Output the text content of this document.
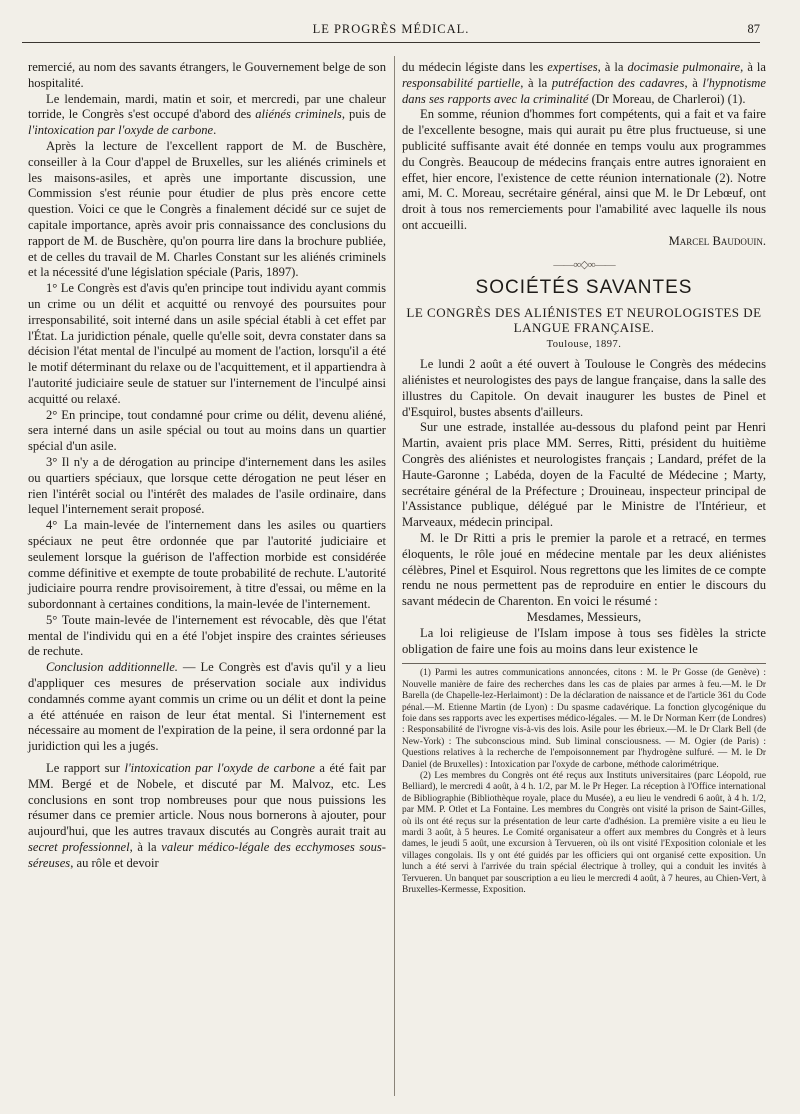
LE PROGRÈS MÉDICAL.	87

remercié, au nom des savants étrangers, le Gouvernement belge de son hospitalité.

Le lendemain, mardi, matin et soir, et mercredi, par une chaleur torride, le Congrès s'est occupé d'abord des aliénés criminels, puis de l'intoxication par l'oxyde de carbone.

Après la lecture de l'excellent rapport de M. de Buschère, conseiller à la Cour d'appel de Bruxelles, sur les aliénés criminels et les maisons-asiles, et après une importante discussion, une Commission s'est réunie pour étudier de plus près encore cette question. Voici ce que le Congrès a finalement décidé sur ce sujet de capitale importance, après avoir pris connaissance des conclusions du rapport de M. de Buschère, qu'on pourra lire dans la brochure publiée, et de celles du travail de M. Charles Constant sur les aliénés criminels et la nécessité d'une législation spéciale (Paris, 1897).

1° Le Congrès est d'avis qu'en principe tout individu ayant commis un crime ou un délit et acquitté ou renvoyé des poursuites pour irresponsabilité, soit interné dans un asile spécial établi à cet effet par l'État. La juridiction pénale, quelle qu'elle soit, devra constater dans sa décision l'état mental de l'inculpé au moment de l'action, lorsqu'il a été le motif déterminant du relaxe ou de l'acquittement, et il appartiendra à l'autorité judiciaire seule de statuer sur l'internement de l'inculpé ainsi acquitté ou relaxé.

2° En principe, tout condamné pour crime ou délit, devenu aliéné, sera interné dans un asile spécial ou tout au moins dans un quartier spécial d'un asile.

3° Il n'y a de dérogation au principe d'internement dans les asiles ou quartiers spéciaux, que lorsque cette dérogation ne peut léser en rien l'intérêt social ou l'intérêt des malades de l'asile ordinaire, dans lequel l'internement serait proposé.

4° La main-levée de l'internement dans les asiles ou quartiers spéciaux ne peut être ordonnée que par l'autorité judiciaire et seulement lorsque la guérison de l'affection morbide est considérée comme définitive et exempte de toute probabilité de rechute. L'autorité judiciaire pourra rendre provisoirement, à titre d'essai, ou même en la subordonnant à certaines conditions, la main-levée de l'internement.

5° Toute main-levée de l'internement est révocable, dès que l'état mental de l'individu qui en a été l'objet inspire des craintes sérieuses de rechute.

Conclusion additionnelle. — Le Congrès est d'avis qu'il y a lieu d'appliquer ces mesures de préservation sociale aux individus condamnés comme ayant commis un crime ou un délit et dont la peine a été atténuée en raison de leur état mental. Si l'internement est nécessaire au moment de l'expiration de la peine, il sera ordonné par la juridiction qui les a jugés.

Le rapport sur l'intoxication par l'oxyde de carbone a été fait par MM. Bergé et de Nobele, et discuté par M. Malvoz, etc. Les conclusions en sont trop nombreuses pour que nous puissions les résumer dans ce premier article. Nous nous bornerons à ajouter, pour aujourd'hui, que les autres travaux discutés au Congrès aurait trait au secret professionnel, à la valeur médico-légale des ecchymoses sous-séreuses, au rôle et devoir

du médecin légiste dans les expertises, à la docimasie pulmonaire, à la responsabilité partielle, à la putréfaction des cadavres, à l'hypnotisme dans ses rapports avec la criminalité (Dr Moreau, de Charleroi) (1).

En somme, réunion d'hommes fort compétents, qui a fait et va faire de l'excellente besogne, mais qui aurait pu être plus fructueuse, si une publicité suffisante avait été donnée en temps voulu aux programmes du Congrès. Beaucoup de médecins français entre autres ignoraient en effet, hier encore, l'existence de cette réunion internationale (2). Notre ami, M. C. Moreau, secrétaire général, ainsi que M. le Dr Lebœuf, ont droit à tous nos remerciements pour l'amabilité avec laquelle ils nous ont accueilli.

Marcel Baudouin.

——∞◇∞——
SOCIÉTÉS SAVANTES
LE CONGRÈS DES ALIÉNISTES ET NEUROLOGISTES DE LANGUE FRANÇAISE.
Toulouse, 1897.

Le lundi 2 août a été ouvert à Toulouse le Congrès des médecins aliénistes et neurologistes des pays de langue française, dans la salle des illustres du Capitole. On devait inaugurer les bustes de Pinel et d'Esquirol, bustes absents d'ailleurs.

Sur une estrade, installée au-dessous du plafond peint par Henri Martin, avaient pris place MM. Serres, Ritti, président du huitième Congrès des aliénistes et neurologistes français ; Landard, préfet de la Haute-Garonne ; Labéda, doyen de la Faculté de Médecine ; Marty, secrétaire général de la Préfecture ; Drouineau, inspecteur principal de l'Assistance publique, délégué par le Ministre de l'Intérieur, et Marveaux, médecin principal.

M. le Dr Ritti a pris le premier la parole et a retracé, en termes éloquents, le rôle joué en médecine mentale par les deux aliénistes célèbres, Pinel et Esquirol. Nous regrettons que les limites de ce compte rendu ne nous permettent pas de reproduire en entier le discours du savant médecin de Charenton. En voici le résumé :

Mesdames, Messieurs,

La loi religieuse de l'Islam impose à tous ses fidèles la stricte obligation de faire une fois au moins dans leur existence le

(1) Parmi les autres communications annoncées, citons : M. le Pr Gosse (de Genève) : Nouvelle manière de faire des recherches dans les cas de plaies par armes à feu.—M. le Dr Barella (de Chapelle-lez-Herlaimont) : De la déclaration de naissance et de l'article 361 du Code pénal.—M. Etienne Martin (de Lyon) : Du spasme cadavérique. La fonction glycogénique du foie dans ses rapports avec les expertises médico-légales. — M. le Dr Norman Kerr (de Londres) : Responsabilité de l'ivrogne vis-à-vis des lois. Asile pour les ébrieux.—M. le Dr Clark Bell (de New-York) : The subconscious mind. Sub liminal consciousness. — M. Ogier (de Paris) : Questions relatives à la recherche de l'empoisonnement par l'hydrogène sulfuré. — M. le Dr Daniel (de Bruxelles) : Intoxication par l'oxyde de carbone, méthode calorimétrique.

(2) Les membres du Congrès ont été reçus aux Instituts universitaires (parc Léopold, rue Belliard), le mercredi 4 août, à 4 h. 1/2, par M. le Pr Heger. La réception à l'Office international de Bibliographie (Bibliothèque royale, place du Musée), a eu lieu le vendredi 6 août, à 4 h. 1/2, par MM. P. Otlet et La Fontaine. Les membres du Congrès ont visité la prison de Saint-Gilles, où ils ont été reçus sur la présentation de leur carte d'adhésion. La première visite a eu lieu le mardi 3 août, à 5 heures. Le Comité organisateur a offert aux membres du Congrès et à leurs dames, le jeudi 5 août, une excursion à Tervueren, où ils ont visité l'Exposition coloniale et les villages congolais. Ils y ont été guidés par les officiers qui ont organisé cette exposition. Un lunch a été servi à l'arrivée du train spécial électrique à trolley, qui a conduit les invités à Tervueren. Un banquet par souscription a eu lieu le mercredi 4 août, à 7 heures, au Chien-Vert, à Bruxelles-Kermesse, Exposition.
